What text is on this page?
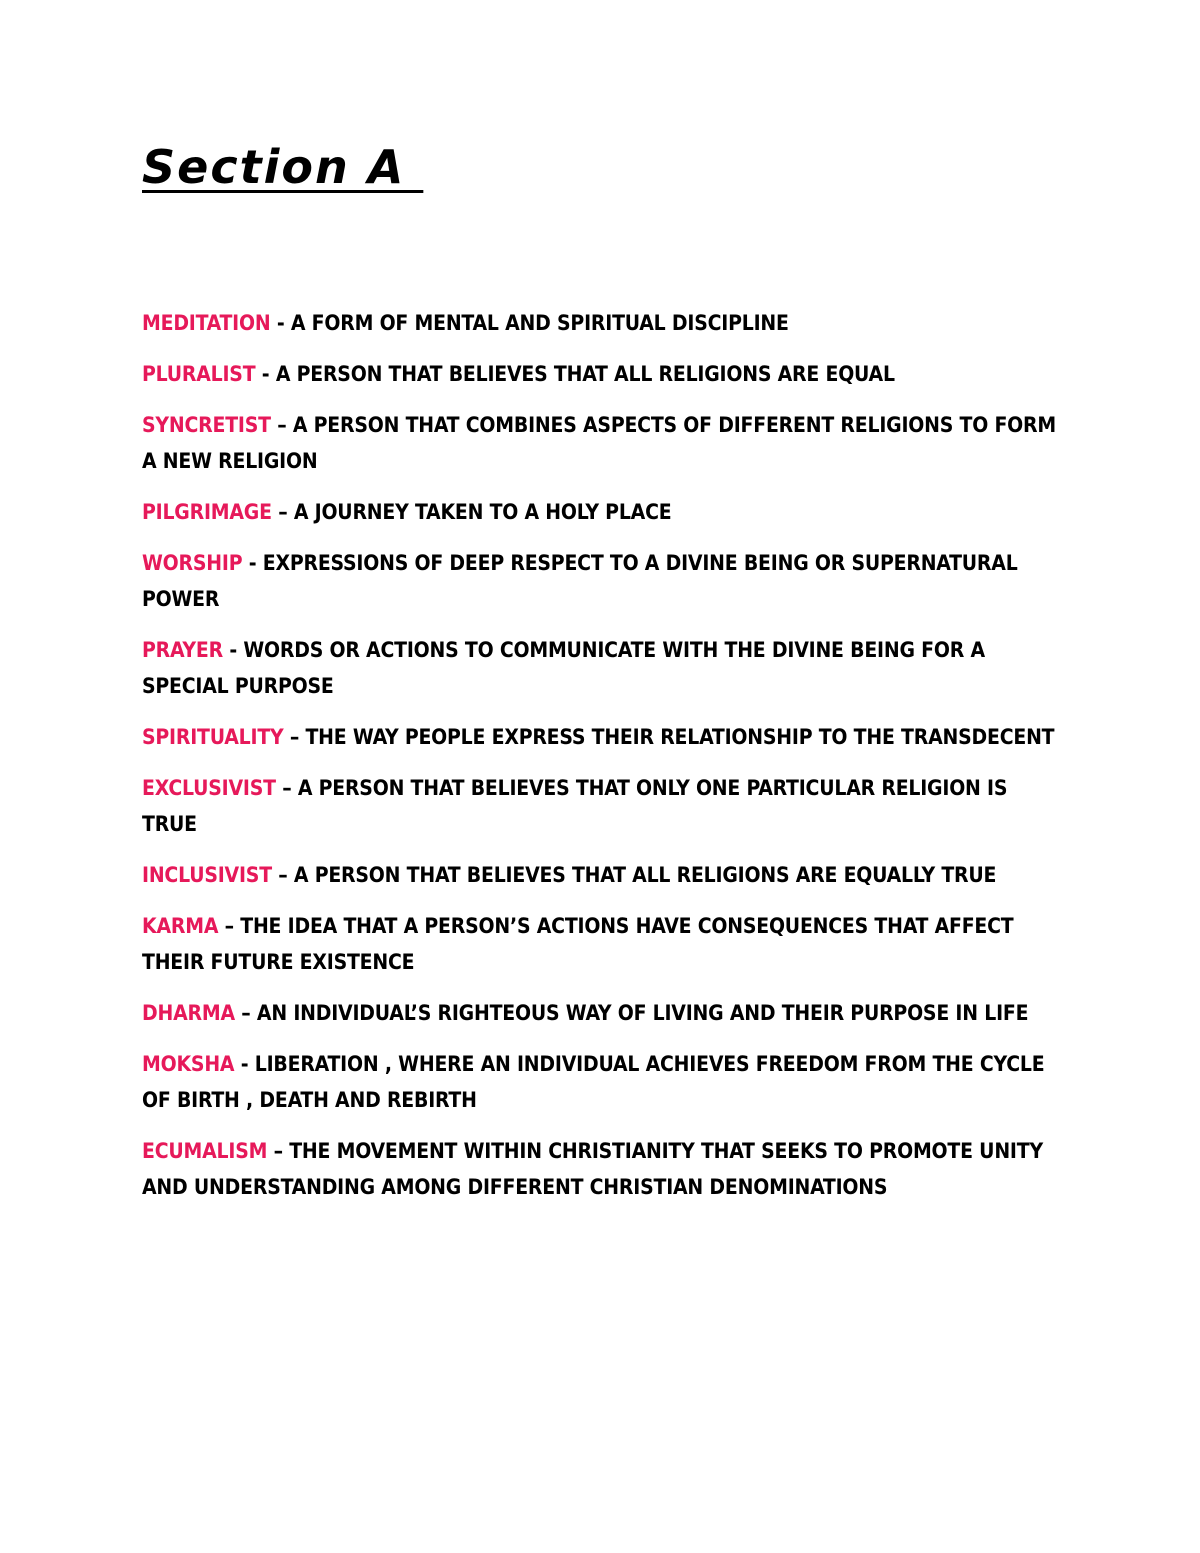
Section A
MEDITATION - A FORM OF MENTAL AND SPIRITUAL DISCIPLINE
PLURALIST - A PERSON THAT BELIEVES THAT ALL RELIGIONS ARE EQUAL
SYNCRETIST – A PERSON THAT COMBINES ASPECTS OF DIFFERENT RELIGIONS TO FORM A NEW RELIGION
PILGRIMAGE – A JOURNEY TAKEN TO A HOLY PLACE
WORSHIP - EXPRESSIONS OF DEEP RESPECT TO A DIVINE BEING OR SUPERNATURAL POWER
PRAYER - WORDS OR ACTIONS TO COMMUNICATE WITH THE DIVINE BEING FOR A SPECIAL PURPOSE
SPIRITUALITY – THE WAY PEOPLE EXPRESS THEIR RELATIONSHIP TO THE TRANSDECENT
EXCLUSIVIST – A PERSON THAT BELIEVES THAT ONLY ONE PARTICULAR RELIGION IS TRUE
INCLUSIVIST – A PERSON THAT BELIEVES THAT ALL RELIGIONS ARE EQUALLY TRUE
KARMA – THE IDEA THAT A PERSON’S ACTIONS HAVE CONSEQUENCES THAT AFFECT THEIR FUTURE EXISTENCE
DHARMA – AN INDIVIDUAL’S RIGHTEOUS WAY OF LIVING AND THEIR PURPOSE IN LIFE
MOKSHA - LIBERATION , WHERE AN INDIVIDUAL ACHIEVES FREEDOM FROM THE CYCLE OF BIRTH , DEATH AND REBIRTH
ECUMALISM – THE MOVEMENT WITHIN CHRISTIANITY THAT SEEKS TO PROMOTE UNITY AND UNDERSTANDING AMONG DIFFERENT CHRISTIAN DENOMINATIONS
